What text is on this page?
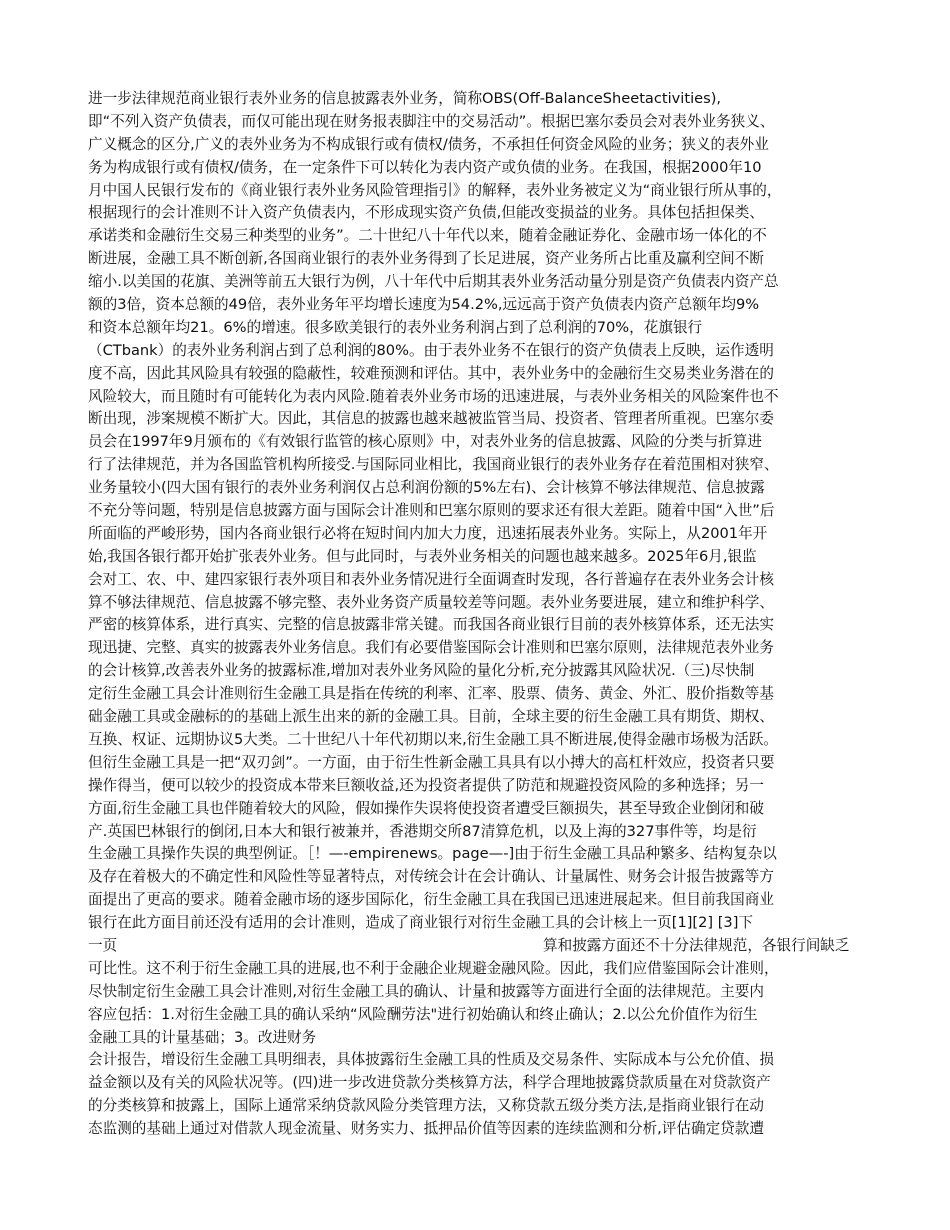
进一步法律规范商业银行表外业务的信息披露表外业务，简称OBS(Off-BalanceSheetactivities),
即“不列入资产负债表，而仅可能出现在财务报表脚注中的交易活动”。根据巴塞尔委员会对表外业务狭义、
广义概念的区分,广义的表外业务为不构成银行或有债权/债务，不承担任何资金风险的业务；狭义的表外业
务为构成银行或有债权/债务，在一定条件下可以转化为表内资产或负债的业务。在我国，根据2000年10
月中国人民银行发布的《商业银行表外业务风险管理指引》的解释，表外业务被定义为“商业银行所从事的，
根据现行的会计准则不计入资产负债表内，不形成现实资产负债,但能改变损益的业务。具体包括担保类、
承诺类和金融衍生交易三种类型的业务”。二十世纪八十年代以来，随着金融证券化、金融市场一体化的不
断进展，金融工具不断创新,各国商业银行的表外业务得到了长足进展，资产业务所占比重及赢利空间不断
缩小.以美国的花旗、美洲等前五大银行为例，八十年代中后期其表外业务活动量分别是资产负债表内资产总
额的3倍，资本总额的49倍，表外业务年平均增长速度为54.2%,远远高于资产负债表内资产总额年均9%
和资本总额年均21。6%的增速。很多欧美银行的表外业务利润占到了总利润的70%，花旗银行
（CTbank）的表外业务利润占到了总利润的80%。由于表外业务不在银行的资产负债表上反映，运作透明
度不高，因此其风险具有较强的隐蔽性，较难预测和评估。其中，表外业务中的金融衍生交易类业务潜在的
风险较大，而且随时有可能转化为表内风险.随着表外业务市场的迅速进展，与表外业务相关的风险案件也不
断出现，涉案规模不断扩大。因此，其信息的披露也越来越被监管当局、投资者、管理者所重视。巴塞尔委
员会在1997年9月颁布的《有效银行监管的核心原则》中，对表外业务的信息披露、风险的分类与折算进
行了法律规范，并为各国监管机构所接受.与国际同业相比，我国商业银行的表外业务存在着范围相对狭窄、
业务量较小(四大国有银行的表外业务利润仅占总利润份额的5%左右)、会计核算不够法律规范、信息披露
不充分等问题，特别是信息披露方面与国际会计准则和巴塞尔原则的要求还有很大差距。随着中国“入世”后
所面临的严峻形势，国内各商业银行必将在短时间内加大力度，迅速拓展表外业务。实际上，从2001年开
始,我国各银行都开始扩张表外业务。但与此同时，与表外业务相关的问题也越来越多。2025年6月,银监
会对工、农、中、建四家银行表外项目和表外业务情况进行全面调查时发现，各行普遍存在表外业务会计核
算不够法律规范、信息披露不够完整、表外业务资产质量较差等问题。表外业务要进展，建立和维护科学、
严密的核算体系，进行真实、完整的信息披露非常关键。而我国各商业银行目前的表外核算体系，还无法实
现迅捷、完整、真实的披露表外业务信息。我们有必要借鉴国际会计准则和巴塞尔原则，法律规范表外业务
的会计核算,改善表外业务的披露标准,增加对表外业务风险的量化分析,充分披露其风险状况.（三)尽快制
定衍生金融工具会计准则衍生金融工具是指在传统的利率、汇率、股票、债务、黄金、外汇、股价指数等基
础金融工具或金融标的的基础上派生出来的新的金融工具。目前，全球主要的衍生金融工具有期货、期权、
互换、权证、远期协议5大类。二十世纪八十年代初期以来,衍生金融工具不断进展,使得金融市场极为活跃。
但衍生金融工具是一把“双刃剑”。一方面，由于衍生性新金融工具具有以小搏大的高杠杆效应，投资者只要
操作得当，便可以较少的投资成本带来巨额收益,还为投资者提供了防范和规避投资风险的多种选择；另一
方面,衍生金融工具也伴随着较大的风险，假如操作失误将使投资者遭受巨额损失，甚至导致企业倒闭和破
产.英国巴林银行的倒闭,日本大和银行被兼并，香港期交所87清算危机，以及上海的327事件等，均是衍
生金融工具操作失误的典型例证。［！—-empirenews。page—-]由于衍生金融工具品种繁多、结构复杂以
及存在着极大的不确定性和风险性等显著特点，对传统会计在会计确认、计量属性、财务会计报告披露等方
面提出了更高的要求。随着金融市场的逐步国际化，衍生金融工具在我国已迅速进展起来。但目前我国商业
银行在此方面目前还没有适用的会计准则，造成了商业银行对衍生金融工具的会计核上一页[1][2] [3]下
一页	算和披露方面还不十分法律规范，各银行间缺乏
可比性。这不利于衍生金融工具的进展,也不利于金融企业规避金融风险。因此，我们应借鉴国际会计准则，
尽快制定衍生金融工具会计准则,对衍生金融工具的确认、计量和披露等方面进行全面的法律规范。主要内
容应包括：1.对衍生金融工具的确认采纳“风险酬劳法"进行初始确认和终止确认；2.以公允价值作为衍生
金融工具的计量基础；3。改进财务
会计报告，增设衍生金融工具明细表，具体披露衍生金融工具的性质及交易条件、实际成本与公允价值、损
益金额以及有关的风险状况等。(四)进一步改进贷款分类核算方法，科学合理地披露贷款质量在对贷款资产
的分类核算和披露上，国际上通常采纳贷款风险分类管理方法，又称贷款五级分类方法,是指商业银行在动
态监测的基础上通过对借款人现金流量、财务实力、抵押品价值等因素的连续监测和分析,评估确定贷款遭
